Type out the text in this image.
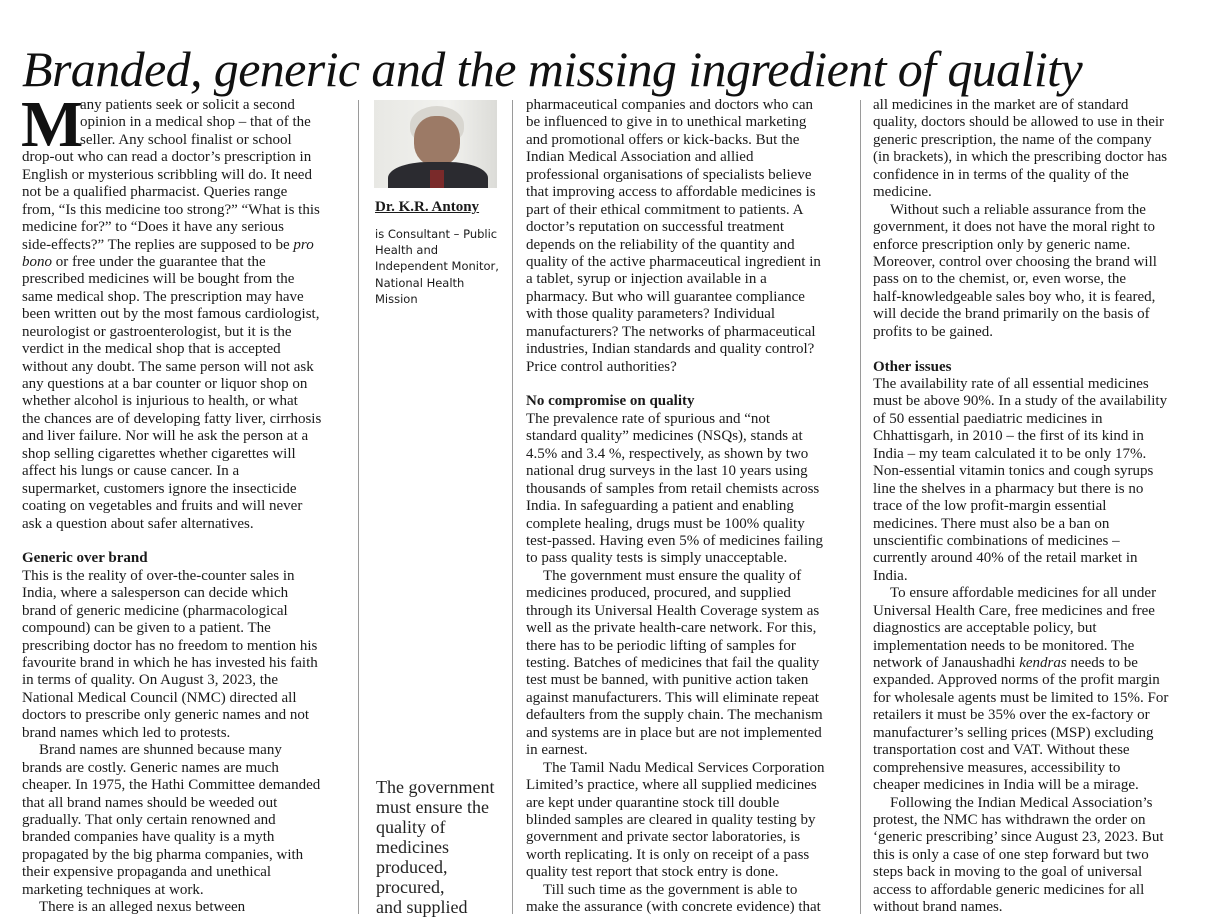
Branded, generic and the missing ingredient of quality
M
any patients seek or solicit a second
opinion in a medical shop – that of the
seller. Any school finalist or school
drop-out who can read a doctor’s prescription in
English or mysterious scribbling will do. It need
not be a qualified pharmacist. Queries range
from, “Is this medicine too strong?” “What is this
medicine for?” to “Does it have any serious
side-effects?” The replies are supposed to be pro
bono or free under the guarantee that the
prescribed medicines will be bought from the
same medical shop. The prescription may have
been written out by the most famous cardiologist,
neurologist or gastroenterologist, but it is the
verdict in the medical shop that is accepted
without any doubt. The same person will not ask
any questions at a bar counter or liquor shop on
whether alcohol is injurious to health, or what
the chances are of developing fatty liver, cirrhosis
and liver failure. Nor will he ask the person at a
shop selling cigarettes whether cigarettes will
affect his lungs or cause cancer. In a
supermarket, customers ignore the insecticide
coating on vegetables and fruits and will never
ask a question about safer alternatives.
Generic over brand
This is the reality of over-the-counter sales in
India, where a salesperson can decide which
brand of generic medicine (pharmacological
compound) can be given to a patient. The
prescribing doctor has no freedom to mention his
favourite brand in which he has invested his faith
in terms of quality. On August 3, 2023, the
National Medical Council (NMC) directed all
doctors to prescribe only generic names and not
brand names which led to protests.
Brand names are shunned because many
brands are costly. Generic names are much
cheaper. In 1975, the Hathi Committee demanded
that all brand names should be weeded out
gradually. That only certain renowned and
branded companies have quality is a myth
propagated by the big pharma companies, with
their expensive propaganda and unethical
marketing techniques at work.
There is an alleged nexus between
Dr. K.R. Antony
is Consultant – Public
Health and
Independent Monitor,
National Health
Mission
The government
must ensure the
quality of
medicines
produced,
procured,
and supplied
pharmaceutical companies and doctors who can
be influenced to give in to unethical marketing
and promotional offers or kick-backs. But the
Indian Medical Association and allied
professional organisations of specialists believe
that improving access to affordable medicines is
part of their ethical commitment to patients. A
doctor’s reputation on successful treatment
depends on the reliability of the quantity and
quality of the active pharmaceutical ingredient in
a tablet, syrup or injection available in a
pharmacy. But who will guarantee compliance
with those quality parameters? Individual
manufacturers? The networks of pharmaceutical
industries, Indian standards and quality control?
Price control authorities?
No compromise on quality
The prevalence rate of spurious and “not
standard quality” medicines (NSQs), stands at
4.5% and 3.4 %, respectively, as shown by two
national drug surveys in the last 10 years using
thousands of samples from retail chemists across
India. In safeguarding a patient and enabling
complete healing, drugs must be 100% quality
test-passed. Having even 5% of medicines failing
to pass quality tests is simply unacceptable.
The government must ensure the quality of
medicines produced, procured, and supplied
through its Universal Health Coverage system as
well as the private health-care network. For this,
there has to be periodic lifting of samples for
testing. Batches of medicines that fail the quality
test must be banned, with punitive action taken
against manufacturers. This will eliminate repeat
defaulters from the supply chain. The mechanism
and systems are in place but are not implemented
in earnest.
The Tamil Nadu Medical Services Corporation
Limited’s practice, where all supplied medicines
are kept under quarantine stock till double
blinded samples are cleared in quality testing by
government and private sector laboratories, is
worth replicating. It is only on receipt of a pass
quality test report that stock entry is done.
Till such time as the government is able to
make the assurance (with concrete evidence) that
all medicines in the market are of standard
quality, doctors should be allowed to use in their
generic prescription, the name of the company
(in brackets), in which the prescribing doctor has
confidence in in terms of the quality of the
medicine.
Without such a reliable assurance from the
government, it does not have the moral right to
enforce prescription only by generic name.
Moreover, control over choosing the brand will
pass on to the chemist, or, even worse, the
half-knowledgeable sales boy who, it is feared,
will decide the brand primarily on the basis of
profits to be gained.
Other issues
The availability rate of all essential medicines
must be above 90%. In a study of the availability
of 50 essential paediatric medicines in
Chhattisgarh, in 2010 – the first of its kind in
India – my team calculated it to be only 17%.
Non-essential vitamin tonics and cough syrups
line the shelves in a pharmacy but there is no
trace of the low profit-margin essential
medicines. There must also be a ban on
unscientific combinations of medicines –
currently around 40% of the retail market in
India.
To ensure affordable medicines for all under
Universal Health Care, free medicines and free
diagnostics are acceptable policy, but
implementation needs to be monitored. The
network of Janaushadhi kendras needs to be
expanded. Approved norms of the profit margin
for wholesale agents must be limited to 15%. For
retailers it must be 35% over the ex-factory or
manufacturer’s selling prices (MSP) excluding
transportation cost and VAT. Without these
comprehensive measures, accessibility to
cheaper medicines in India will be a mirage.
Following the Indian Medical Association’s
protest, the NMC has withdrawn the order on
‘generic prescribing’ since August 23, 2023. But
this is only a case of one step forward but two
steps back in moving to the goal of universal
access to affordable generic medicines for all
without brand names.
